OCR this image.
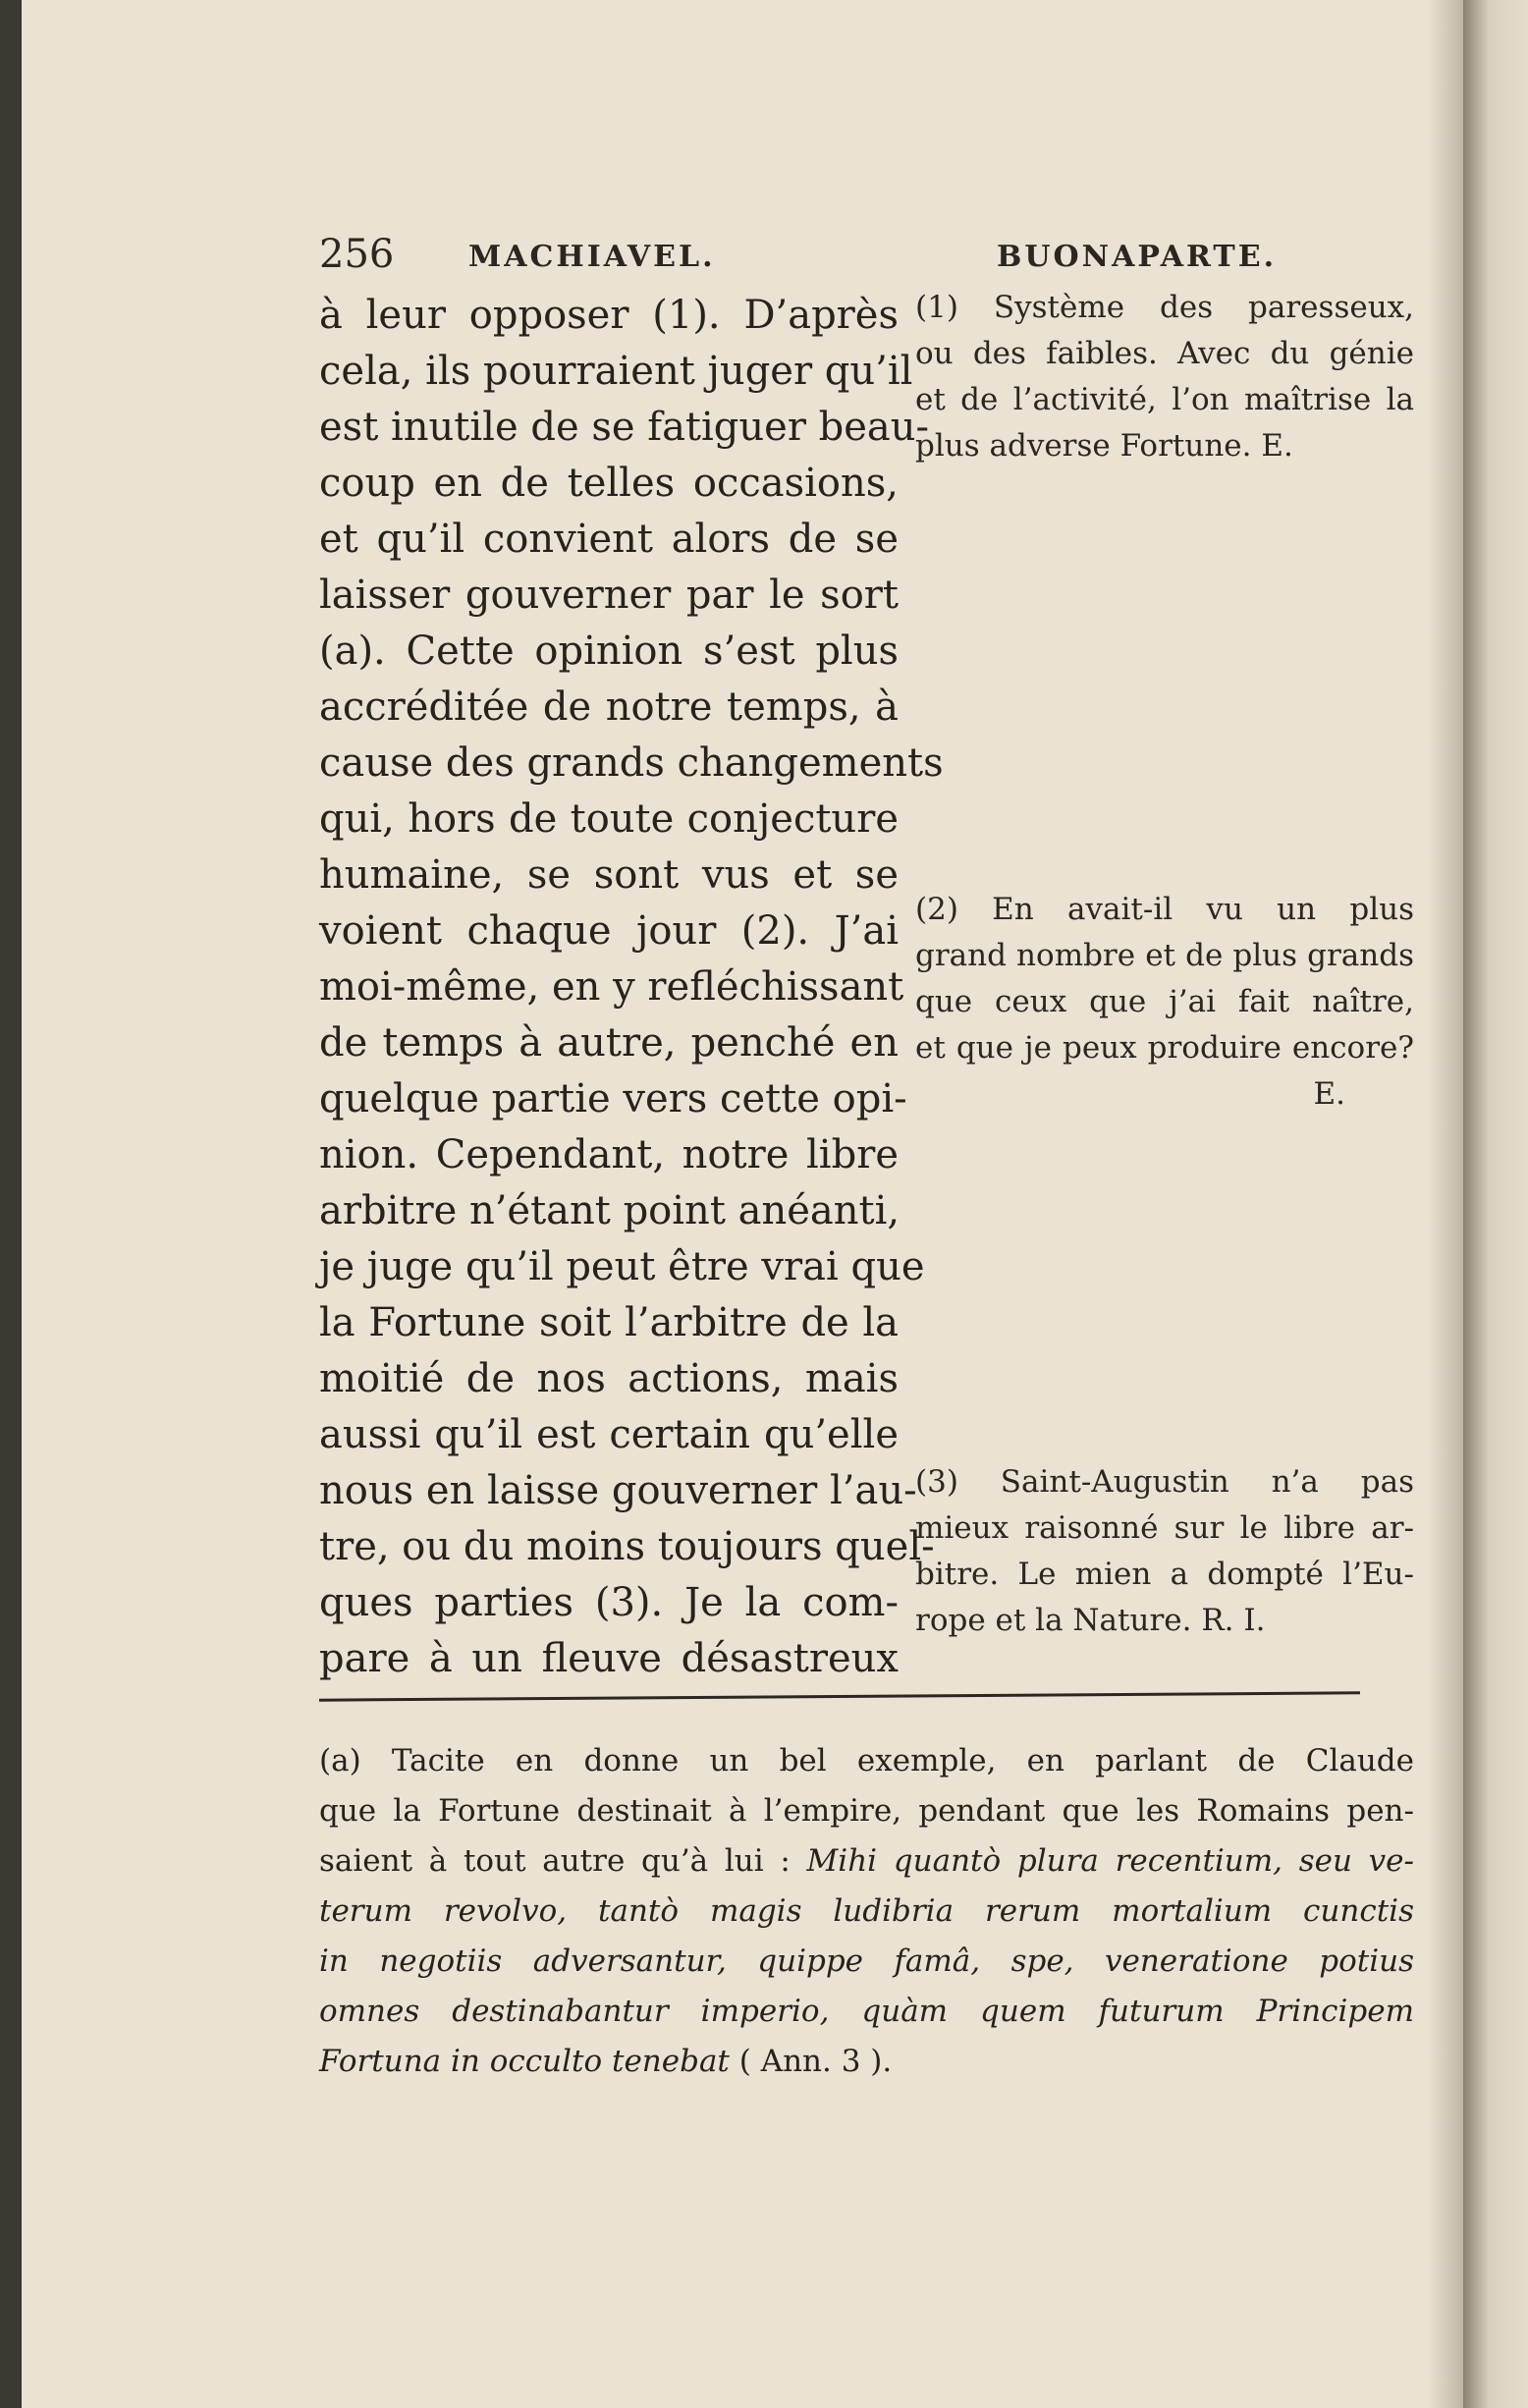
256	MACHIAVEL.	BUONAPARTE.
à leur opposer (1). D’après
cela, ils pourraient juger qu’il
est inutile de se fatiguer beau-
coup en de telles occasions,
et qu’il convient alors de se
laisser gouverner par le sort
(a). Cette opinion s’est plus
accréditée de notre temps, à
cause des grands changements
qui, hors de toute conjecture
humaine, se sont vus et se
voient chaque jour (2). J’ai
moi-même, en y refléchissant
de temps à autre, penché en
quelque partie vers cette opi-
nion. Cependant, notre libre
arbitre n’étant point anéanti,
je juge qu’il peut être vrai que
la Fortune soit l’arbitre de la
moitié de nos actions, mais
aussi qu’il est certain qu’elle
nous en laisse gouverner l’au-
tre, ou du moins toujours quel-
ques parties (3). Je la com-
pare à un fleuve désastreux
(1) Système des paresseux,
ou des faibles. Avec du génie
et de l’activité, l’on maîtrise la
plus adverse Fortune. E.
(2) En avait-il vu un plus
grand nombre et de plus grands
que ceux que j’ai fait naître,
et que je peux produire encore?
E.
(3) Saint-Augustin n’a pas
mieux raisonné sur le libre ar-
bitre. Le mien a dompté l’Eu-
rope et la Nature. R. I.
(a) Tacite en donne un bel exemple, en parlant de Claude
que la Fortune destinait à l’empire, pendant que les Romains pen-
saient à tout autre qu’à lui : Mihi quantò plura recentium, seu ve-
terum revolvo, tantò magis ludibria rerum mortalium cunctis
in negotiis adversantur, quippe famâ, spe, veneratione potius
omnes destinabantur imperio, quàm quem futurum Principem
Fortuna in occulto tenebat ( Ann. 3 ).
